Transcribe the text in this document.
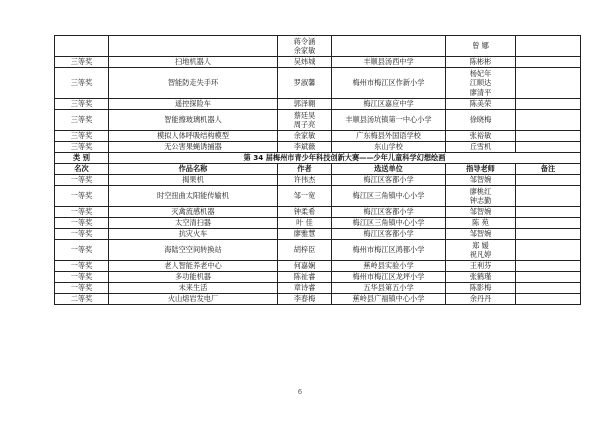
		蒋令涵
余家敏		曾 娜	
三等奖	扫地机器人	吴炜城	丰顺县汤西中学	陈彬彬	
三等奖	智能防走失手环	罗淑馨	梅州市梅江区作新小学	杨妃年
江顺达
廖清平	

三等奖	遥控探险车	郭泽翱	梅江区嘉应中学	陈美荣	
三等奖	智能擦玻璃机器人	蔡廷昊
周子亮	丰顺县汤坑镇第一中心小学	徐晓梅	
三等奖	模拟人体呼吸结构模型	余家敏	广东梅县外国语学校	张裕敏	
三等奖	无公害果蝇诱捕器	李斌薇	东山学校	丘雪机	
类 别	第 34 届梅州市青少年科技创新大赛——少年儿童科学幻想绘画				
名次	作品名称	作者	选送单位	指导老师	备注
一等奖	揭果机	许伟杰	梅江区客都小学	邹智婉	
一等奖	时空扭曲太阳能传输机	邹一宽	梅江区三角镇中心小学	廖桃红
钟志勤	

一等奖	灭禽流感机器	钟柔希	梅江区客都小学	邹智婉	
一等奖	太空清扫器	叶 佳	梅江区三角镇中心小学	陈 苑	
一等奖	抗灾火车	廖雅慧	梅江区客都小学	邹智婉	
一等奖	海陆空空间转换站	胡梓臣	梅州市梅江区鸿都小学	郑 嫒
祝凡婷	

一等奖	老人智能养老中心	何嘉娴	蕉岭县实验小学	王利芬	
一等奖	多功能机器	陈祉睿	梅州市梅江区龙坪小学	张鹤瑾	
一等奖	未来生活	章诗睿	五华县第五小学	陈影梅	
二等奖	火山熔岩发电厂	李春梅	蕉岭县广福镇中心小学	余丹丹	
6
